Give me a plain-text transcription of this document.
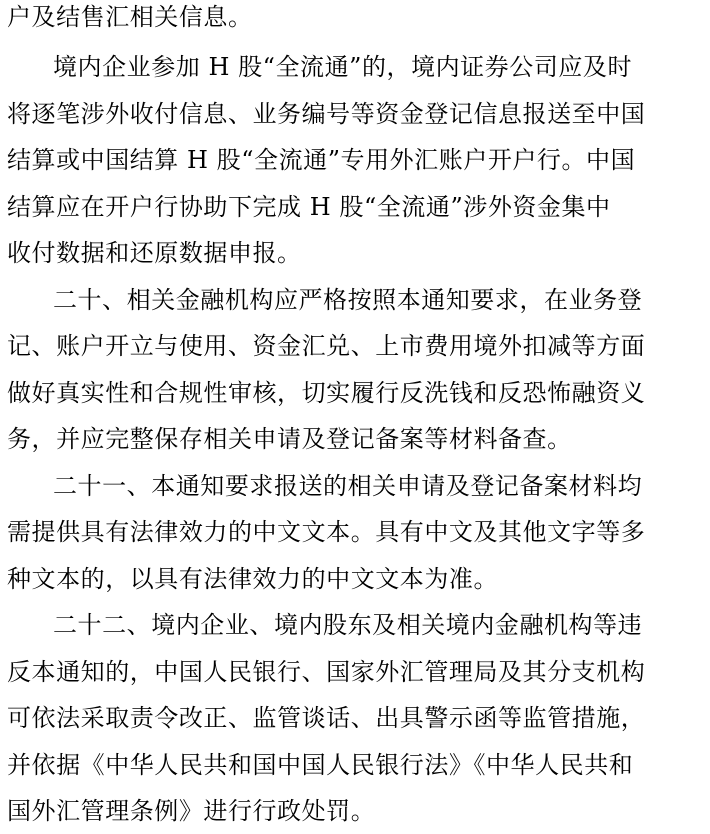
户及结售汇相关信息。
境内企业参加 H 股“全流通”的，境内证券公司应及时
将逐笔涉外收付信息、业务编号等资金登记信息报送至中国
结算或中国结算 H 股“全流通”专用外汇账户开户行。中国
结算应在开户行协助下完成 H 股“全流通”涉外资金集中
收付数据和还原数据申报。
二十、相关金融机构应严格按照本通知要求，在业务登
记、账户开立与使用、资金汇兑、上市费用境外扣减等方面
做好真实性和合规性审核，切实履行反洗钱和反恐怖融资义
务，并应完整保存相关申请及登记备案等材料备查。
二十一、本通知要求报送的相关申请及登记备案材料均
需提供具有法律效力的中文文本。具有中文及其他文字等多
种文本的，以具有法律效力的中文文本为准。
二十二、境内企业、境内股东及相关境内金融机构等违
反本通知的，中国人民银行、国家外汇管理局及其分支机构
可依法采取责令改正、监管谈话、出具警示函等监管措施，
并依据《中华人民共和国中国人民银行法》《中华人民共和
国外汇管理条例》进行行政处罚。
